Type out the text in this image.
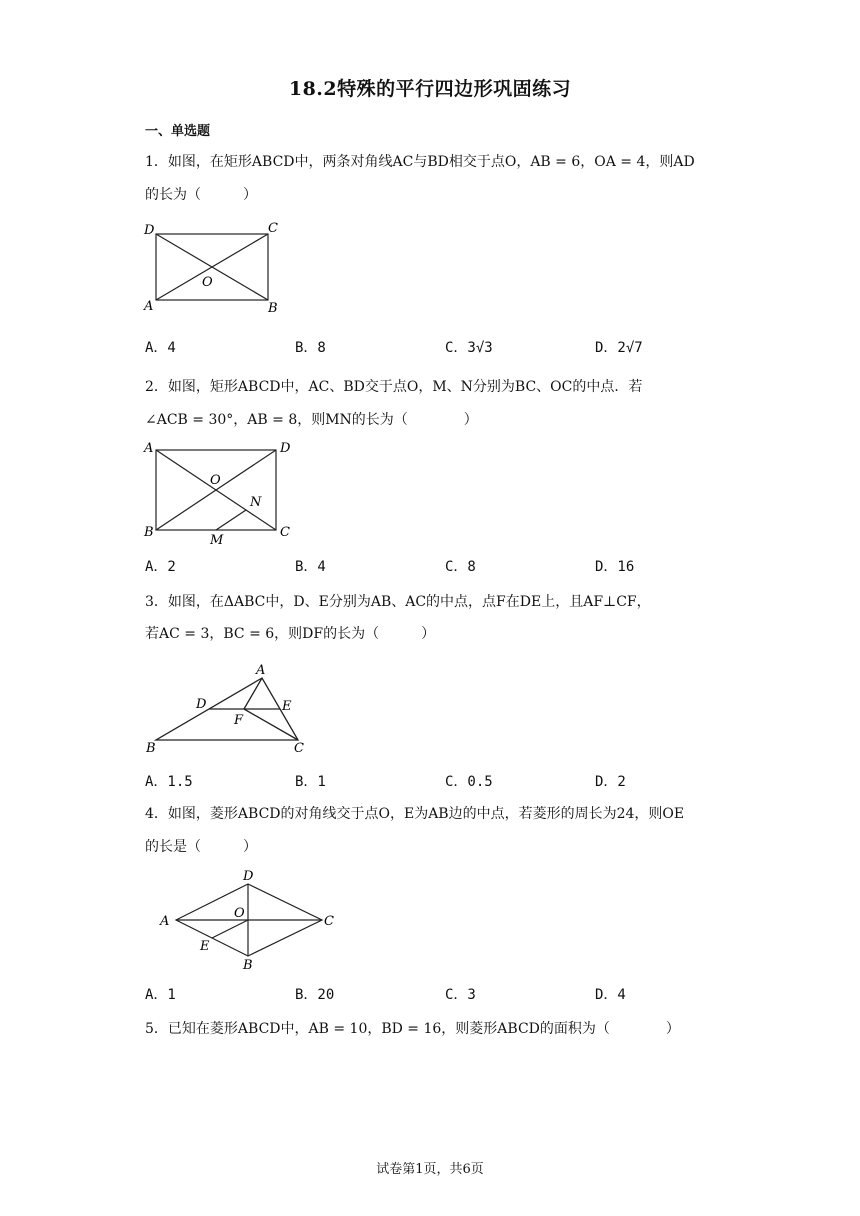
18.2特殊的平行四边形巩固练习
一、单选题
1．如图，在矩形ABCD中，两条对角线AC与BD相交于点O，AB = 6，OA = 4，则AD
的长为（　　　）
D	C
A	B
O
A．4	B．8	C．3√3	D．2√7
2．如图，矩形ABCD中，AC、BD交于点O，M、N分别为BC、OC的中点．若
∠ACB = 30°，AB = 8，则MN的长为（　　　　）
A	D
B	C
O
N
M
A．2	B．4	C．8	D．16
3．如图，在ΔABC中，D、E分别为AB、AC的中点，点F在DE上，且AF⊥CF，
若AC = 3，BC = 6，则DF的长为（　　　）
A
D	E
F
B	C
A．1.5	B．1	C．0.5	D．2
4．如图，菱形ABCD的对角线交于点O，E为AB边的中点，若菱形的周长为24，则OE
的长是（　　　）
D
A
O
C
E
B
A．1	B．20	C．3	D．4
5．已知在菱形ABCD中，AB = 10，BD = 16，则菱形ABCD的面积为（　　　　）
试卷第1页，共6页
